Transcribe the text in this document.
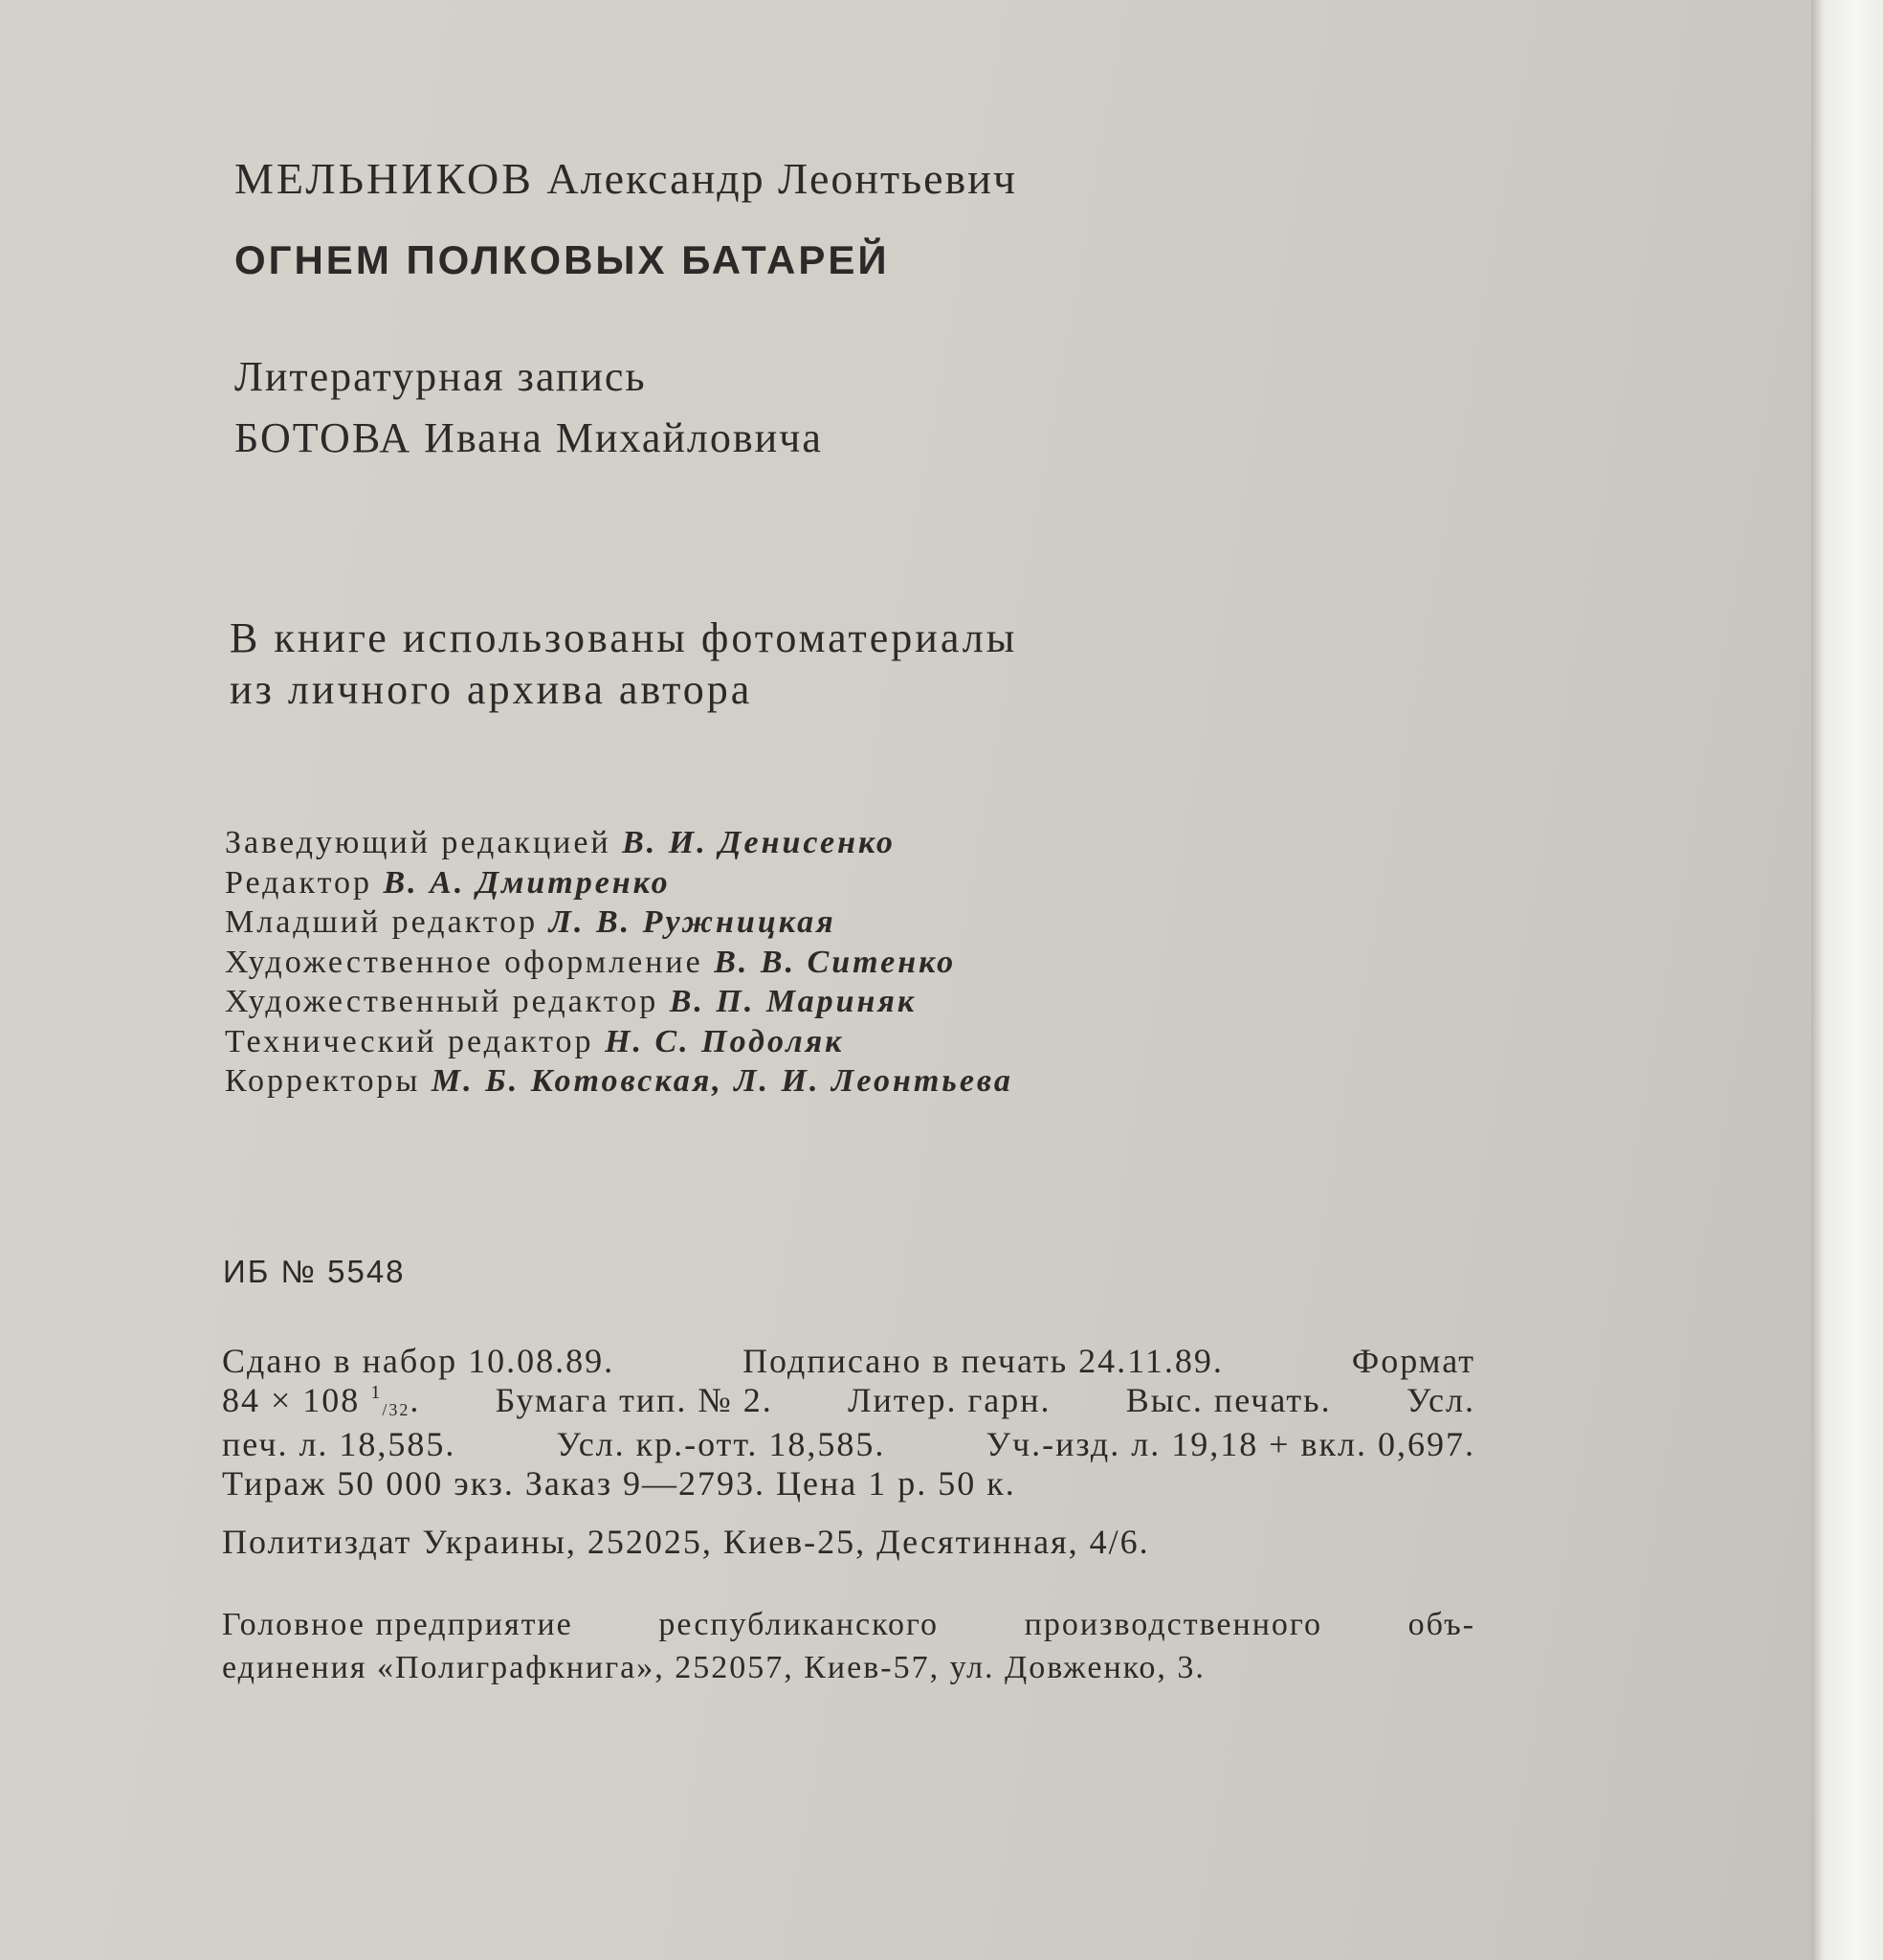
МЕЛЬНИКОВ Александр Леонтьевич
ОГНЕМ ПОЛКОВЫХ БАТАРЕЙ
Литературная запись
БОТОВА Ивана Михайловича
В книге использованы фотоматериалы
из личного архива автора
Заведующий редакцией В. И. Денисенко
Редактор В. А. Дмитренко
Младший редактор Л. В. Ружницкая
Художественное оформление В. В. Ситенко
Художественный редактор В. П. Мариняк
Технический редактор Н. С. Подоляк
Корректоры М. Б. Котовская, Л. И. Леонтьева
ИБ № 5548
Сдано в набор 10.08.89.	Подписано в печать 24.11.89.	Формат
84 × 108 $^1$/32. Бумага тип. № 2. Литер. гарн. Выс. печать. Усл.
печ. л. 18,585.	Усл. кр.-отт. 18,585.	Уч.-изд. л. 19,18 + вкл. 0,697.
Тираж 50 000 экз. Заказ 9—2793. Цена 1 р. 50 к.
Политиздат Украины, 252025, Киев-25, Десятинная, 4/6.
Головное предприятие	республиканского	производственного	объ-
единения «Полиграфкнига», 252057, Киев-57, ул. Довженко, 3.
